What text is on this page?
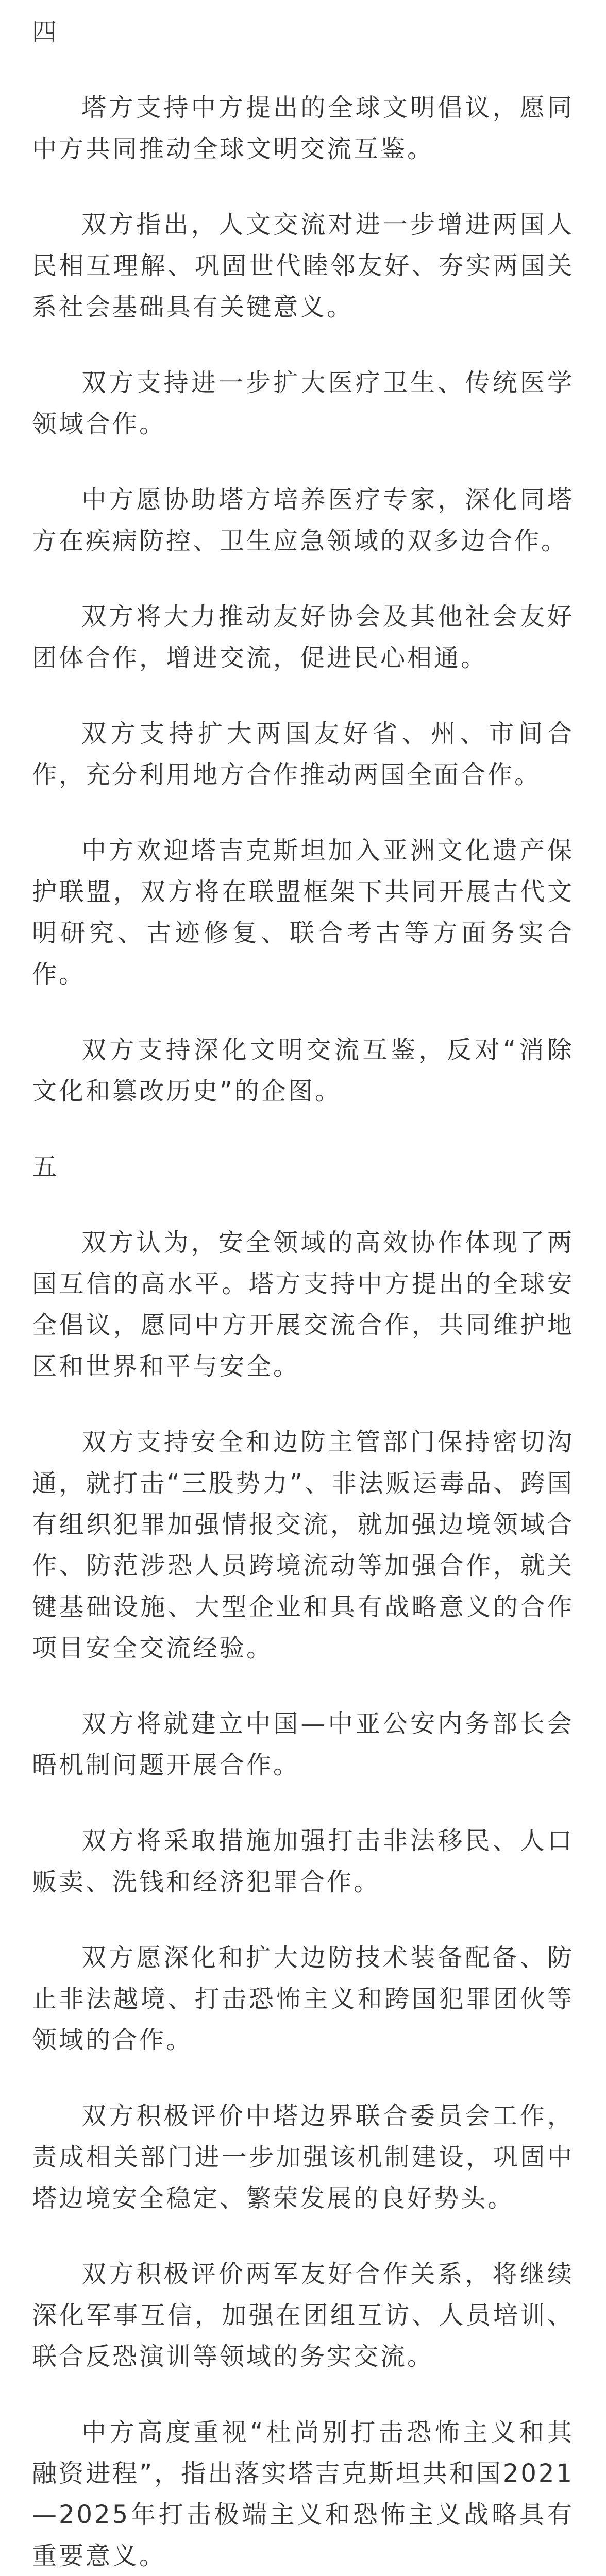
四

塔方支持中方提出的全球文明倡议，愿同中方共同推动全球文明交流互鉴。

双方指出，人文交流对进一步增进两国人民相互理解、巩固世代睦邻友好、夯实两国关系社会基础具有关键意义。

双方支持进一步扩大医疗卫生、传统医学领域合作。

中方愿协助塔方培养医疗专家，深化同塔方在疾病防控、卫生应急领域的双多边合作。

双方将大力推动友好协会及其他社会友好团体合作，增进交流，促进民心相通。

双方支持扩大两国友好省、州、市间合作，充分利用地方合作推动两国全面合作。

中方欢迎塔吉克斯坦加入亚洲文化遗产保护联盟，双方将在联盟框架下共同开展古代文明研究、古迹修复、联合考古等方面务实合作。

双方支持深化文明交流互鉴，反对“消除文化和篡改历史”的企图。

五

双方认为，安全领域的高效协作体现了两国互信的高水平。塔方支持中方提出的全球安全倡议，愿同中方开展交流合作，共同维护地区和世界和平与安全。

双方支持安全和边防主管部门保持密切沟通，就打击“三股势力”、非法贩运毒品、跨国有组织犯罪加强情报交流，就加强边境领域合作、防范涉恐人员跨境流动等加强合作，就关键基础设施、大型企业和具有战略意义的合作项目安全交流经验。

双方将就建立中国—中亚公安内务部长会晤机制问题开展合作。

双方将采取措施加强打击非法移民、人口贩卖、洗钱和经济犯罪合作。

双方愿深化和扩大边防技术装备配备、防止非法越境、打击恐怖主义和跨国犯罪团伙等领域的合作。

双方积极评价中塔边界联合委员会工作，责成相关部门进一步加强该机制建设，巩固中塔边境安全稳定、繁荣发展的良好势头。

双方积极评价两军友好合作关系，将继续深化军事互信，加强在团组互访、人员培训、联合反恐演训等领域的务实交流。

中方高度重视“杜尚别打击恐怖主义和其融资进程”，指出落实塔吉克斯坦共和国2021—2025年打击极端主义和恐怖主义战略具有重要意义。
